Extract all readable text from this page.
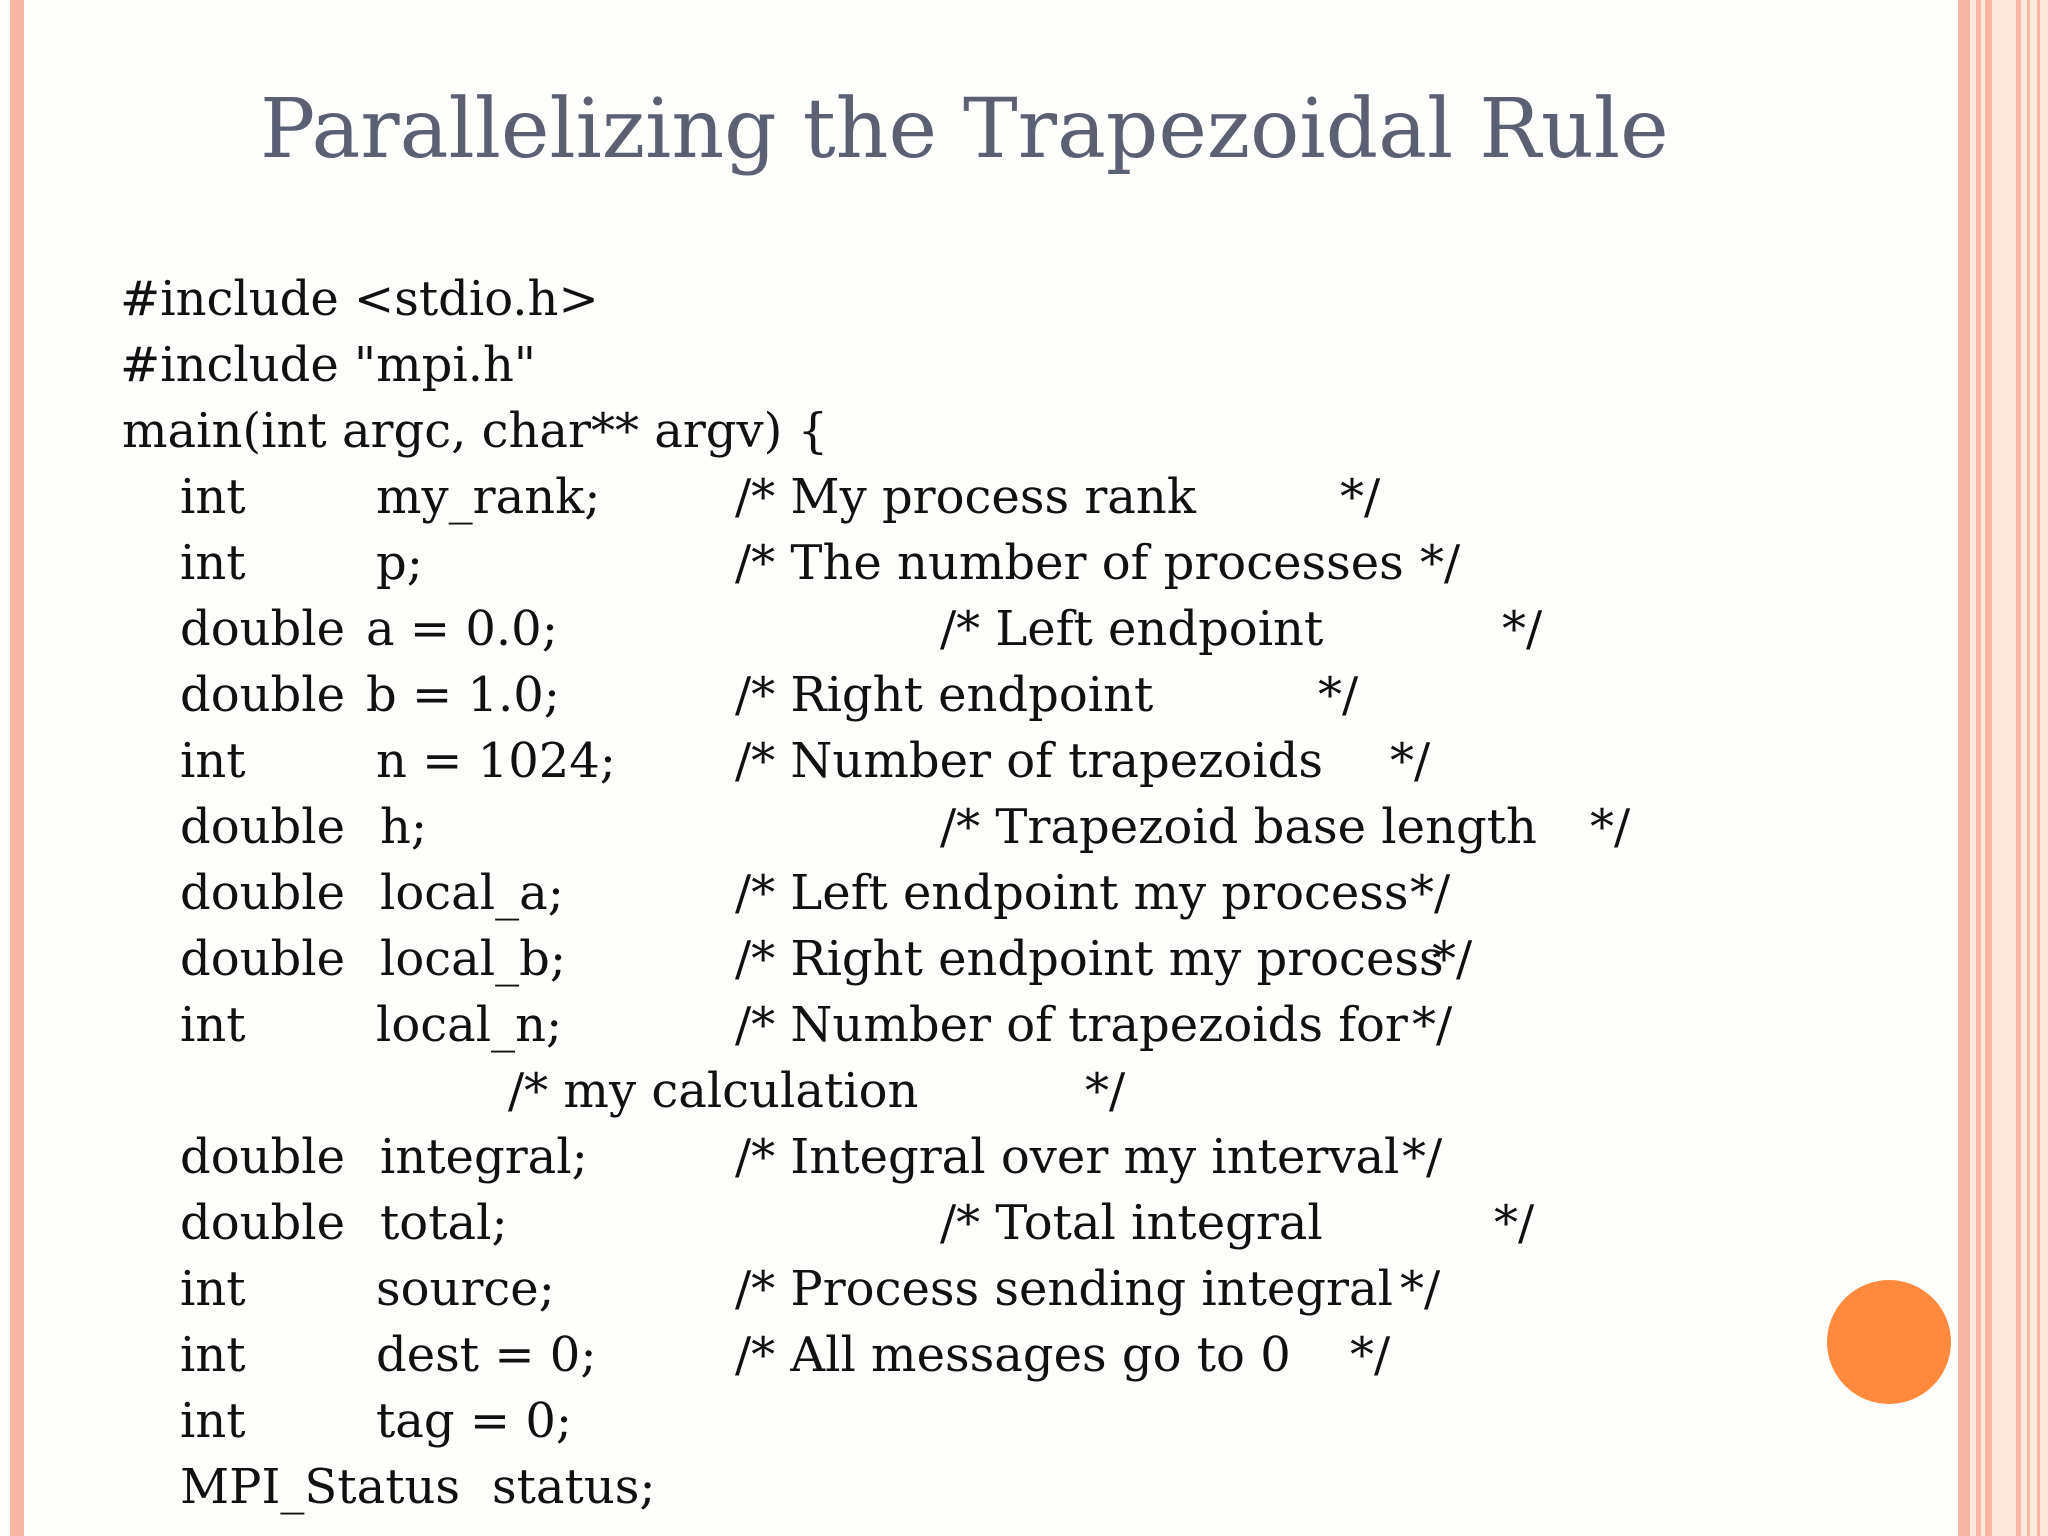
Parallelizing the Trapezoidal Rule
#include <stdio.h>
#include "mpi.h"
main(int argc, char** argv) {
int	my_rank;	/* My process rank	*/
int	p;	/* The number of processes */
double a = 0.0;	/* Left endpoint	*/
double b = 1.0;	/* Right endpoint	*/
int	n = 1024; /* Number of trapezoids */
double h;	/* Trapezoid base length */
double local_a;	/* Left endpoint my process */
double local_b;	/* Right endpoint my process
*/
int	local_n;	/* Number of trapezoids for */
/* my calculation	*/
double integral;	/* Integral over my interval */
double total;	/* Total integral	*/
int	source;	/* Process sending integral */
int	dest = 0;	/* All messages go to 0 */
int	tag = 0;
MPI_Status status;
